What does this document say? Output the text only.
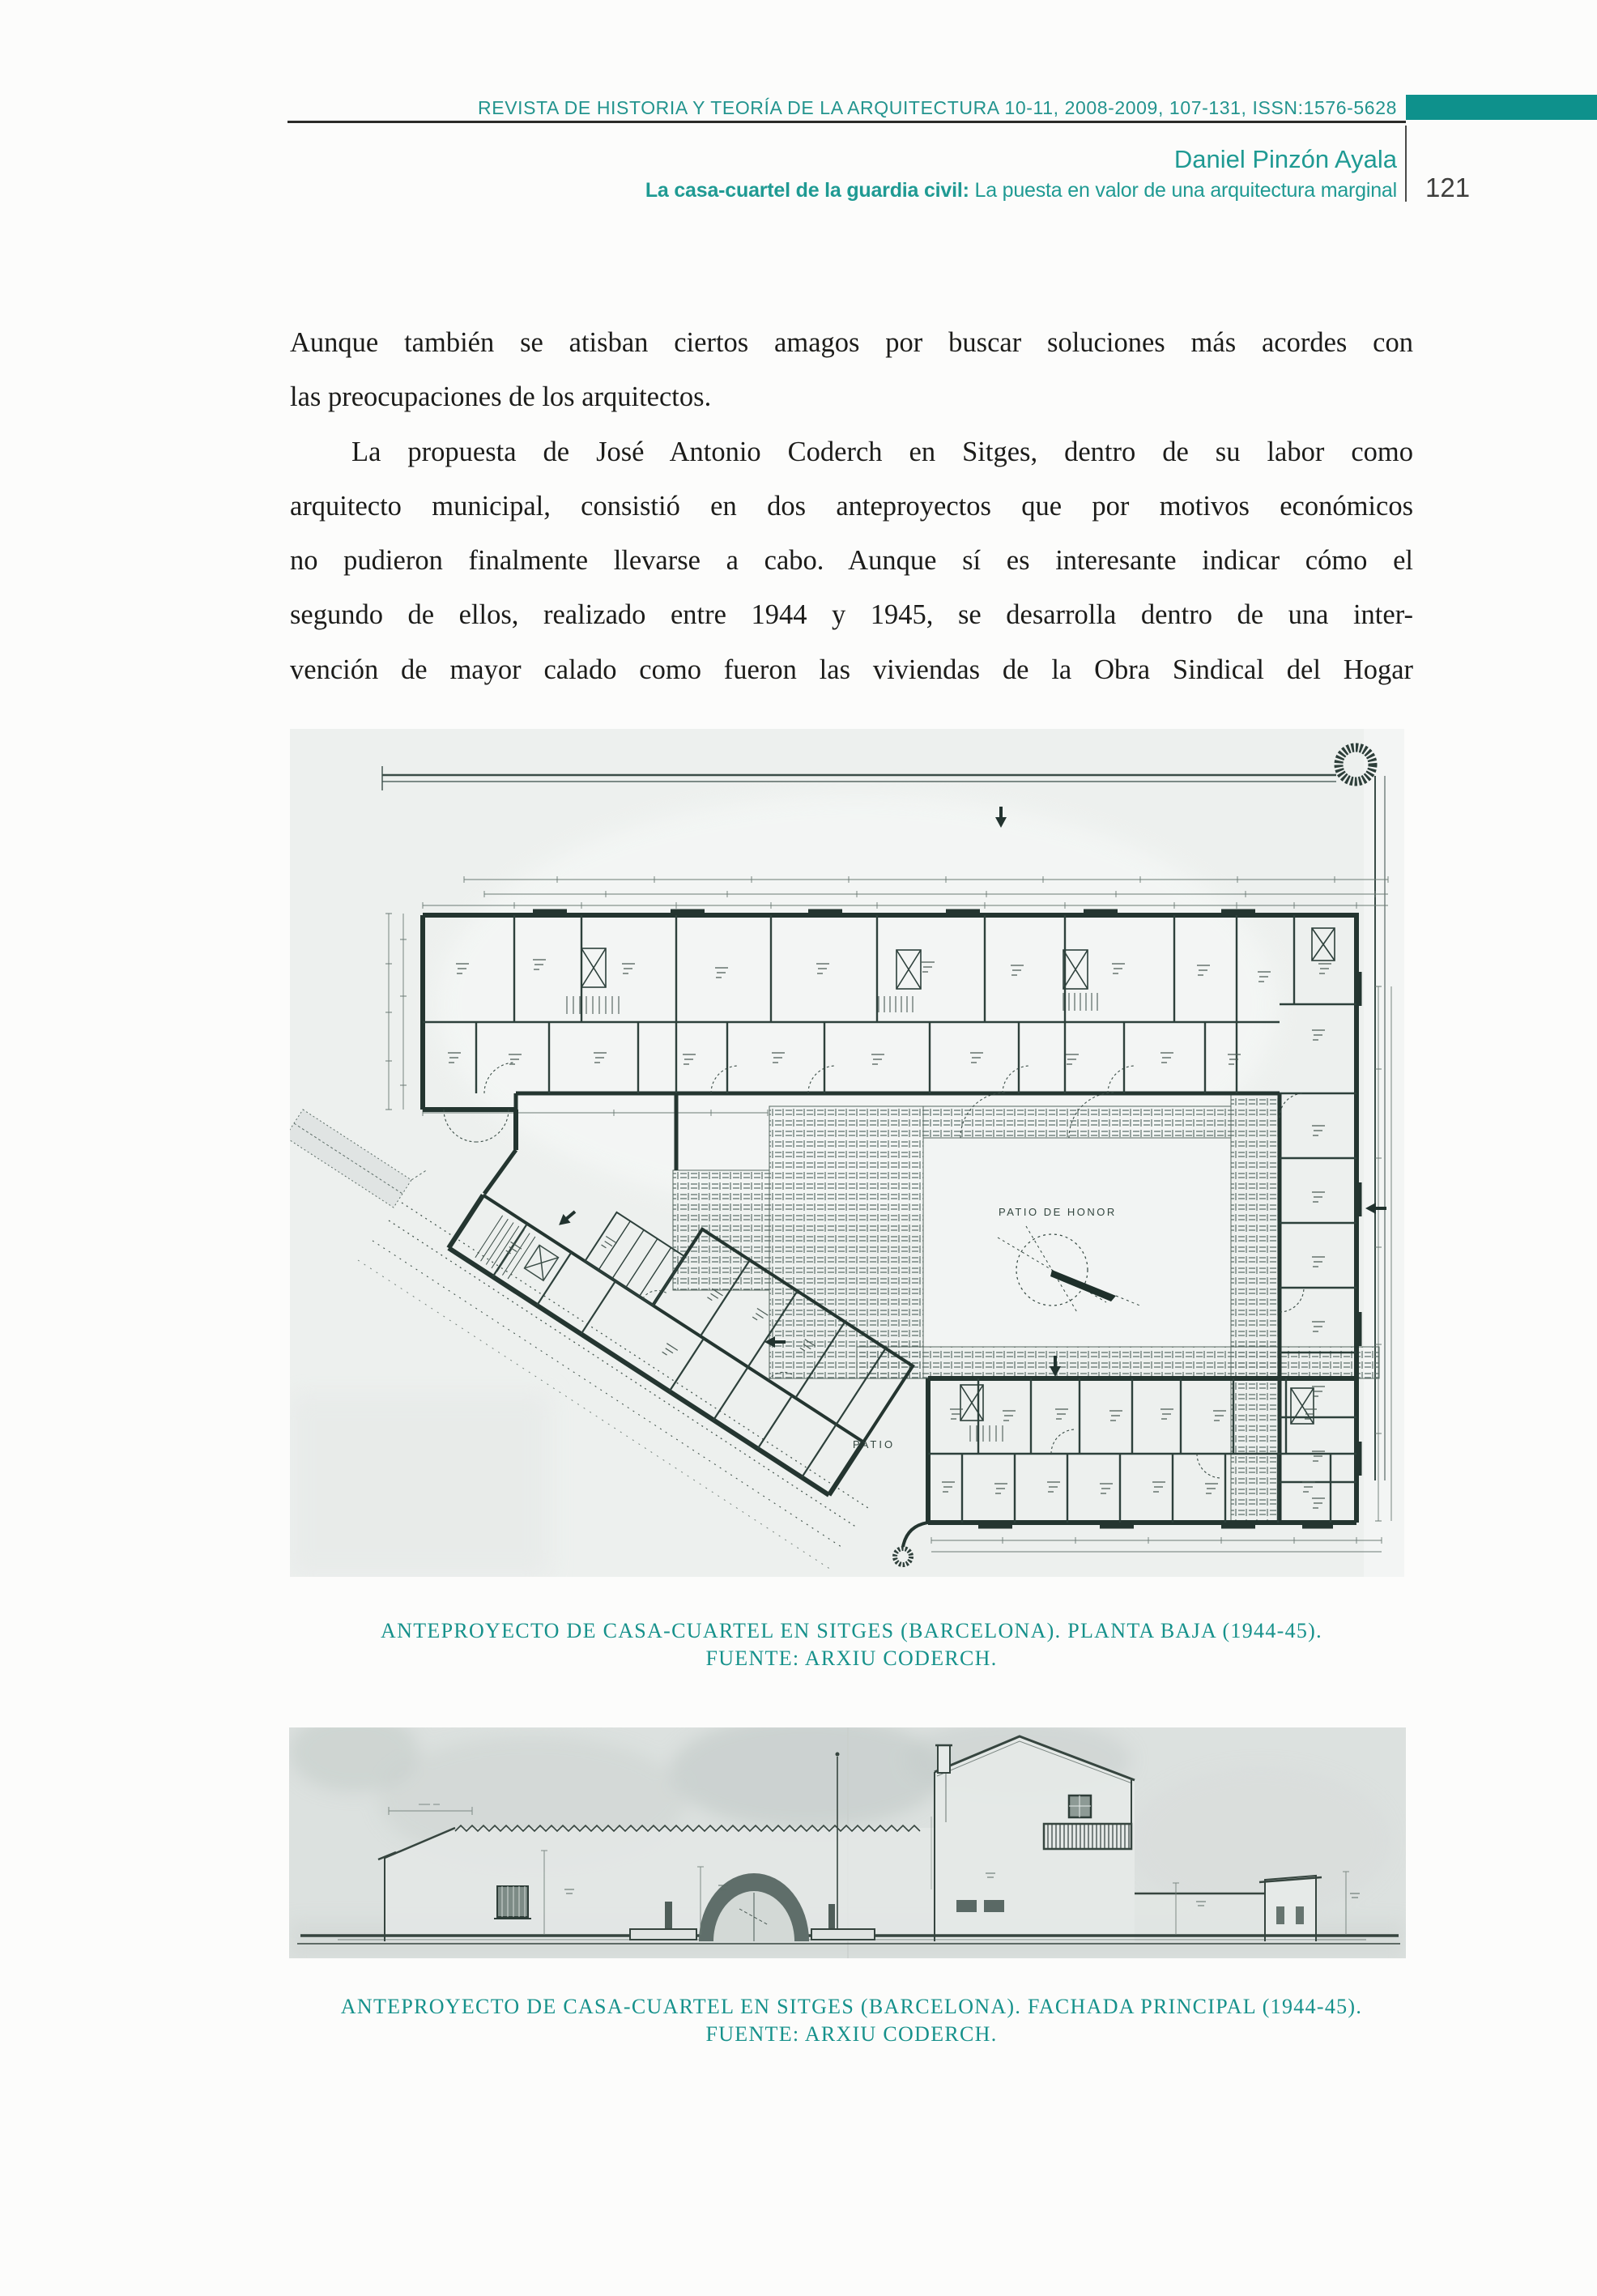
REVISTA DE HISTORIA Y TEORÍA DE LA ARQUITECTURA 10-11, 2008-2009, 107-131, ISSN:1576-5628
Daniel Pinzón Ayala
La casa-cuartel de la guardia civil: La puesta en valor de una arquitectura marginal 121
Aunque también se atisban ciertos amagos por buscar soluciones más acordes con
las preocupaciones de los arquitectos.
La propuesta de José Antonio Coderch en Sitges, dentro de su labor como
arquitecto municipal, consistió en dos anteproyectos que por motivos económicos
no pudieron finalmente llevarse a cabo. Aunque sí es interesante indicar cómo el
segundo de ellos, realizado entre 1944 y 1945, se desarrolla dentro de una inter-
vención de mayor calado como fueron las viviendas de la Obra Sindical del Hogar
PATIO DE HONOR
PATIO
ANTEPROYECTO DE CASA-CUARTEL EN SITGES (BARCELONA). PLANTA BAJA (1944-45).
FUENTE: ARXIU CODERCH.
ANTEPROYECTO DE CASA-CUARTEL EN SITGES (BARCELONA). FACHADA PRINCIPAL (1944-45).
FUENTE: ARXIU CODERCH.
